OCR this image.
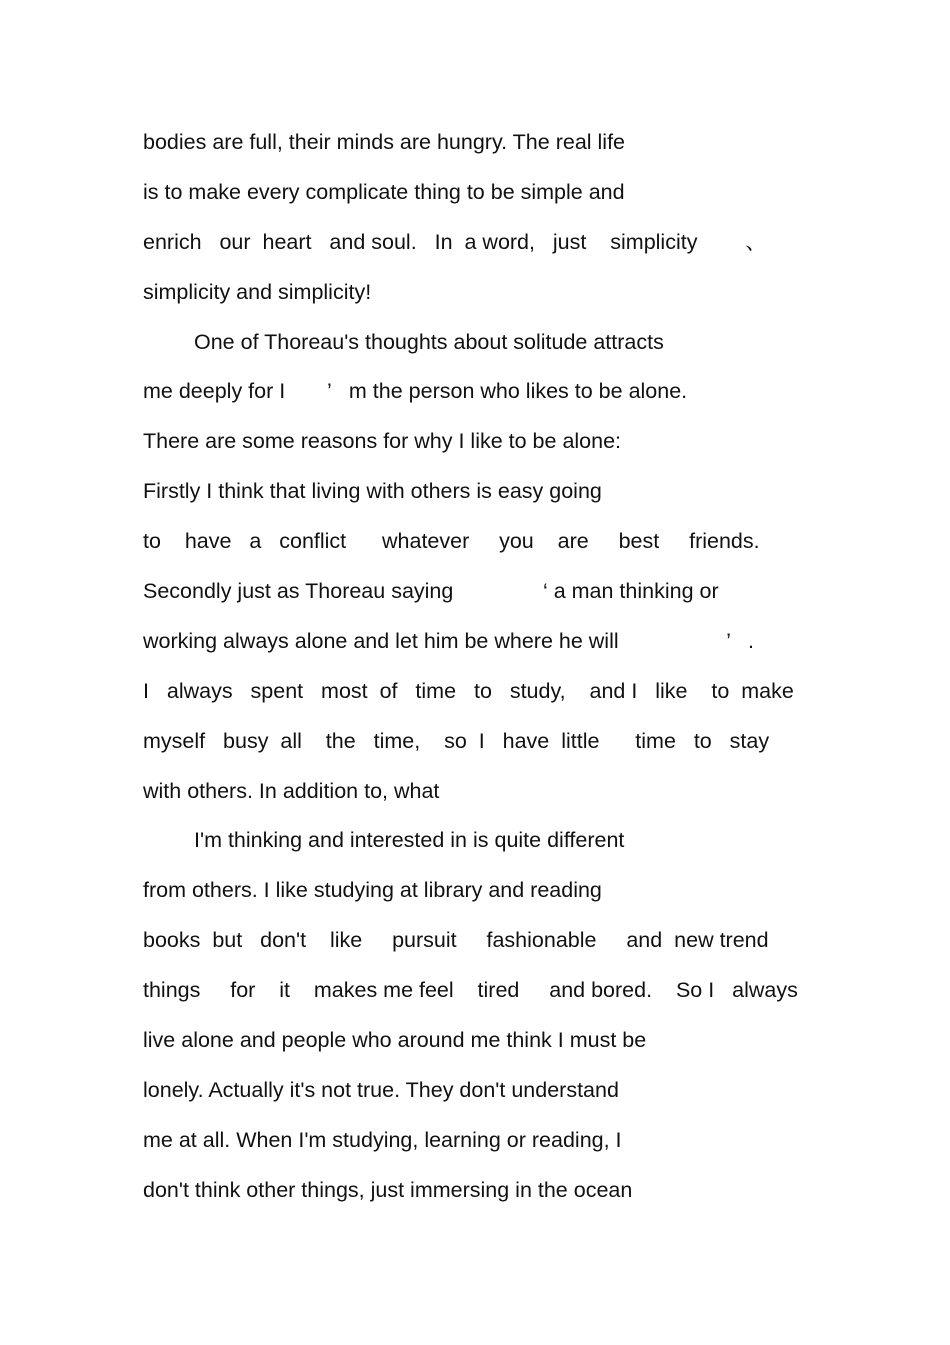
bodies are full, their minds are hungry. The real life
is to make every complicate thing to be simple and
enrich   our  heart   and soul.   In  a word,   just    simplicity        、
simplicity and simplicity!
One of Thoreau's thoughts about solitude attracts
me deeply for I       ’   m the person who likes to be alone.
There are some reasons for why I like to be alone:
Firstly I think that living with others is easy going
to    have   a   conflict      whatever     you    are     best     friends.
Secondly just as Thoreau saying               ‘ a man thinking or
working always alone and let him be where he will                  ’   .
I   always   spent   most  of   time   to   study,    and I   like    to  make
myself   busy  all    the   time,    so  I   have  little      time   to   stay
with others. In addition to, what
I'm thinking and interested in is quite different
from others. I like studying at library and reading
books  but   don't    like     pursuit     fashionable     and  new trend
things     for    it    makes me feel    tired     and bored.    So I   always
live alone and people who around me think I must be
lonely. Actually it's not true. They don't understand
me at all. When I'm studying, learning or reading, I
don't think other things, just immersing in the ocean
